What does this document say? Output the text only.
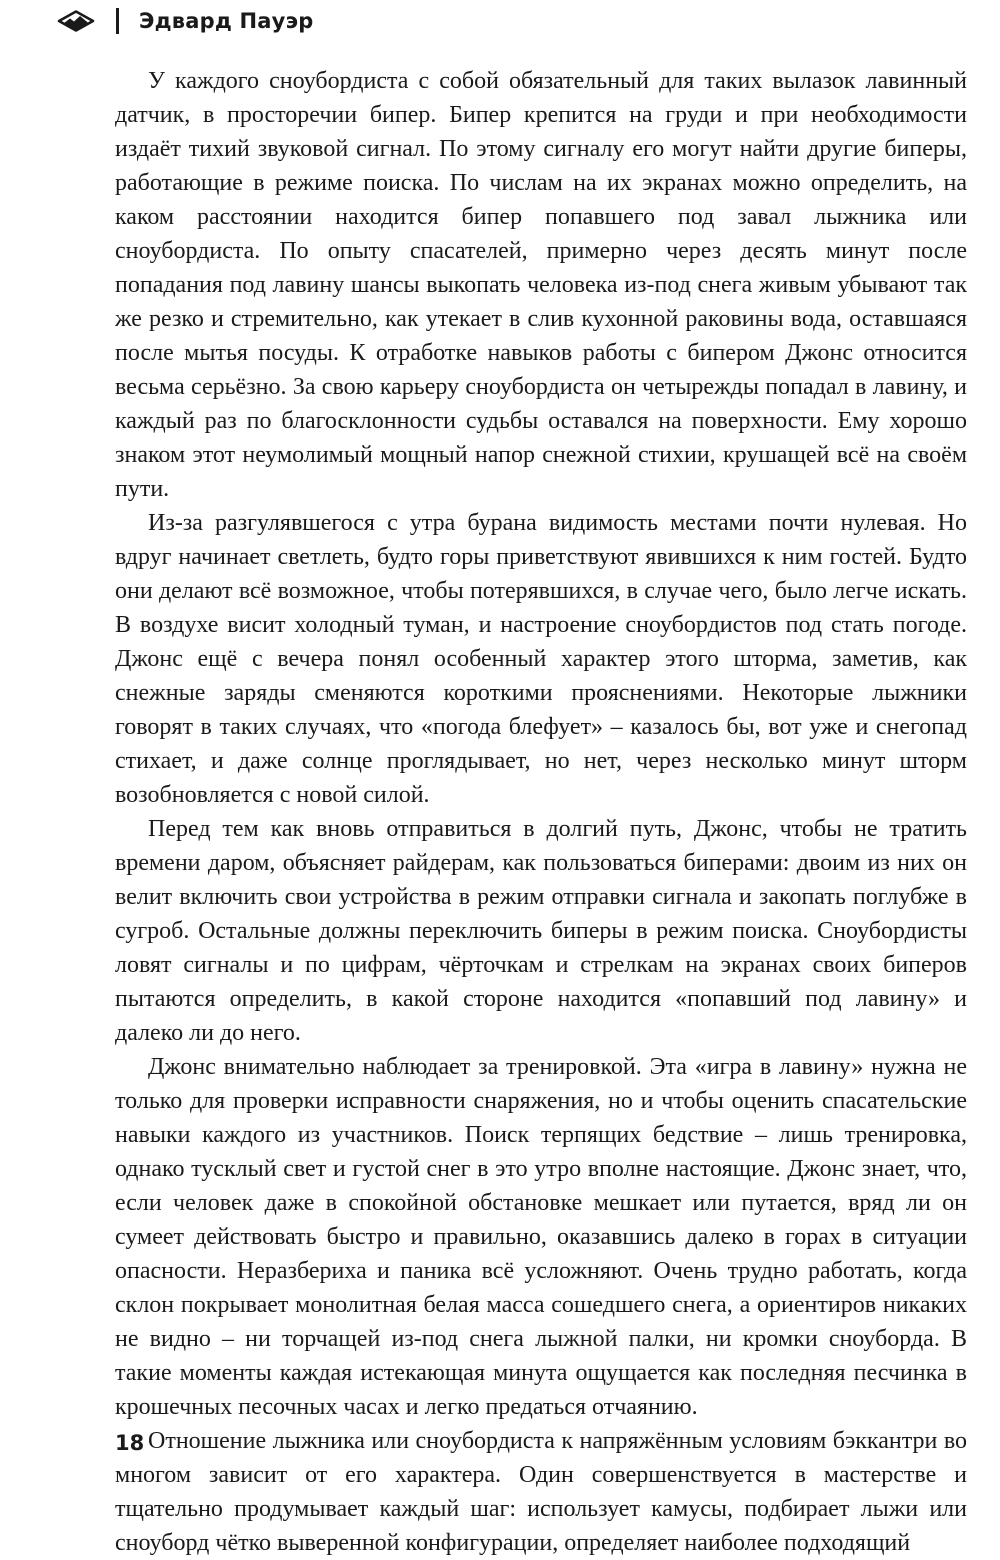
Эдвард Пауэр

У каждого сноубордиста с собой обязательный для таких вылазок лавинный датчик, в просторечии бипер. Бипер крепится на груди и при необходимости издаёт тихий звуковой сигнал. По этому сигналу его могут найти другие биперы, работающие в режиме поиска. По числам на их экранах можно определить, на каком расстоянии находится бипер попавшего под завал лыжника или сноубордиста. По опыту спасателей, примерно через десять минут после попадания под лавину шансы выкопать человека из-под снега живым убывают так же резко и стремительно, как утекает в слив кухонной раковины вода, оставшаяся после мытья посуды. К отработке навыков работы с бипером Джонс относится весьма серьёзно. За свою карьеру сноубордиста он четырежды попадал в лавину, и каждый раз по благосклонности судьбы оставался на поверхности. Ему хорошо знаком этот неумолимый мощный напор снежной стихии, крушащей всё на своём пути.

Из-за разгулявшегося с утра бурана видимость местами почти нулевая. Но вдруг начинает светлеть, будто горы приветствуют явившихся к ним гостей. Будто они делают всё возможное, чтобы потерявшихся, в случае чего, было легче искать. В воздухе висит холодный туман, и настроение сноубордистов под стать погоде. Джонс ещё с вечера понял особенный характер этого шторма, заметив, как снежные заряды сменяются короткими прояснениями. Некоторые лыжники говорят в таких случаях, что «погода блефует» – казалось бы, вот уже и снегопад стихает, и даже солнце проглядывает, но нет, через несколько минут шторм возобновляется с новой силой.

Перед тем как вновь отправиться в долгий путь, Джонс, чтобы не тратить времени даром, объясняет райдерам, как пользоваться биперами: двоим из них он велит включить свои устройства в режим отправки сигнала и закопать поглубже в сугроб. Остальные должны переключить биперы в режим поиска. Сноубордисты ловят сигналы и по цифрам, чёрточкам и стрелкам на экранах своих биперов пытаются определить, в какой стороне находится «попавший под лавину» и далеко ли до него.

Джонс внимательно наблюдает за тренировкой. Эта «игра в лавину» нужна не только для проверки исправности снаряжения, но и чтобы оценить спасательские навыки каждого из участников. Поиск терпящих бедствие – лишь тренировка, однако тусклый свет и густой снег в это утро вполне настоящие. Джонс знает, что, если человек даже в спокойной обстановке мешкает или путается, вряд ли он сумеет действовать быстро и правильно, оказавшись далеко в горах в ситуации опасности. Неразбериха и паника всё усложняют. Очень трудно работать, когда склон покрывает монолитная белая масса сошедшего снега, а ориентиров никаких не видно – ни торчащей из-под снега лыжной палки, ни кромки сноуборда. В такие моменты каждая истекающая минута ощущается как последняя песчинка в крошечных песочных часах и легко предаться отчаянию.

Отношение лыжника или сноубордиста к напряжённым условиям бэккантри во многом зависит от его характера. Один совершенствуется в мастерстве и тщательно продумывает каждый шаг: использует камусы, подбирает лыжи или сноуборд чётко выверенной конфигурации, определяет наиболее подходящий

18
